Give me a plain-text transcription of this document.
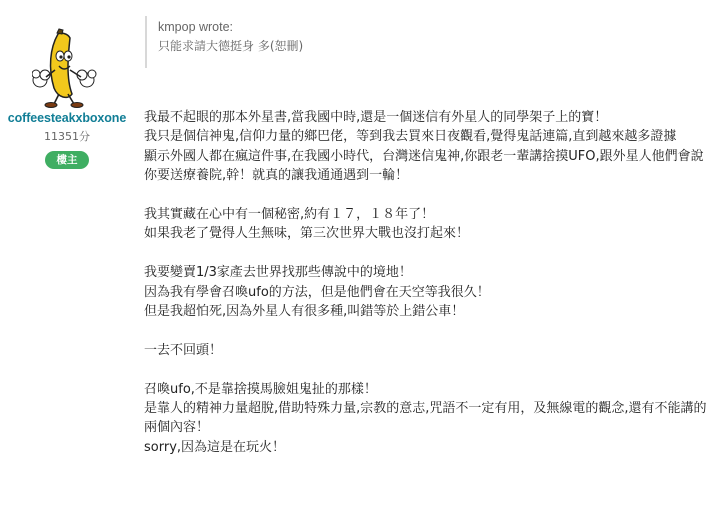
coffeesteakxboxone
11351分
樓主
kmpop wrote:
只能求請大德挺身 多(恕刪)
我最不起眼的那本外星書,當我國中時,還是一個迷信有外星人的同學架子上的寶！
我只是個信神鬼,信仰力量的鄉巴佬，等到我去買來日夜觀看,覺得鬼話連篇,直到越來越多證據
顯示外國人都在瘋這件事,在我國小時代，台灣迷信鬼神,你跟老一輩講捨摸UFO,跟外星人他們會說你要送療養院,幹！就真的讓我通通遇到一輪！
我其實藏在心中有一個秘密,約有１７，１８年了！
如果我老了覺得人生無味，第三次世界大戰也沒打起來！
我要變賣1/3家產去世界找那些傳說中的境地！
因為我有學會召喚ufo的方法，但是他們會在天空等我很久！
但是我超怕死,因為外星人有很多種,叫錯等於上錯公車！
一去不回頭！
召喚ufo,不是靠捨摸馬臉姐鬼扯的那樣！
是靠人的精神力量超脫,借助特殊力量,宗教的意志,咒語不一定有用，及無線電的觀念,還有不能講的兩個內容！
sorry,因為這是在玩火！
